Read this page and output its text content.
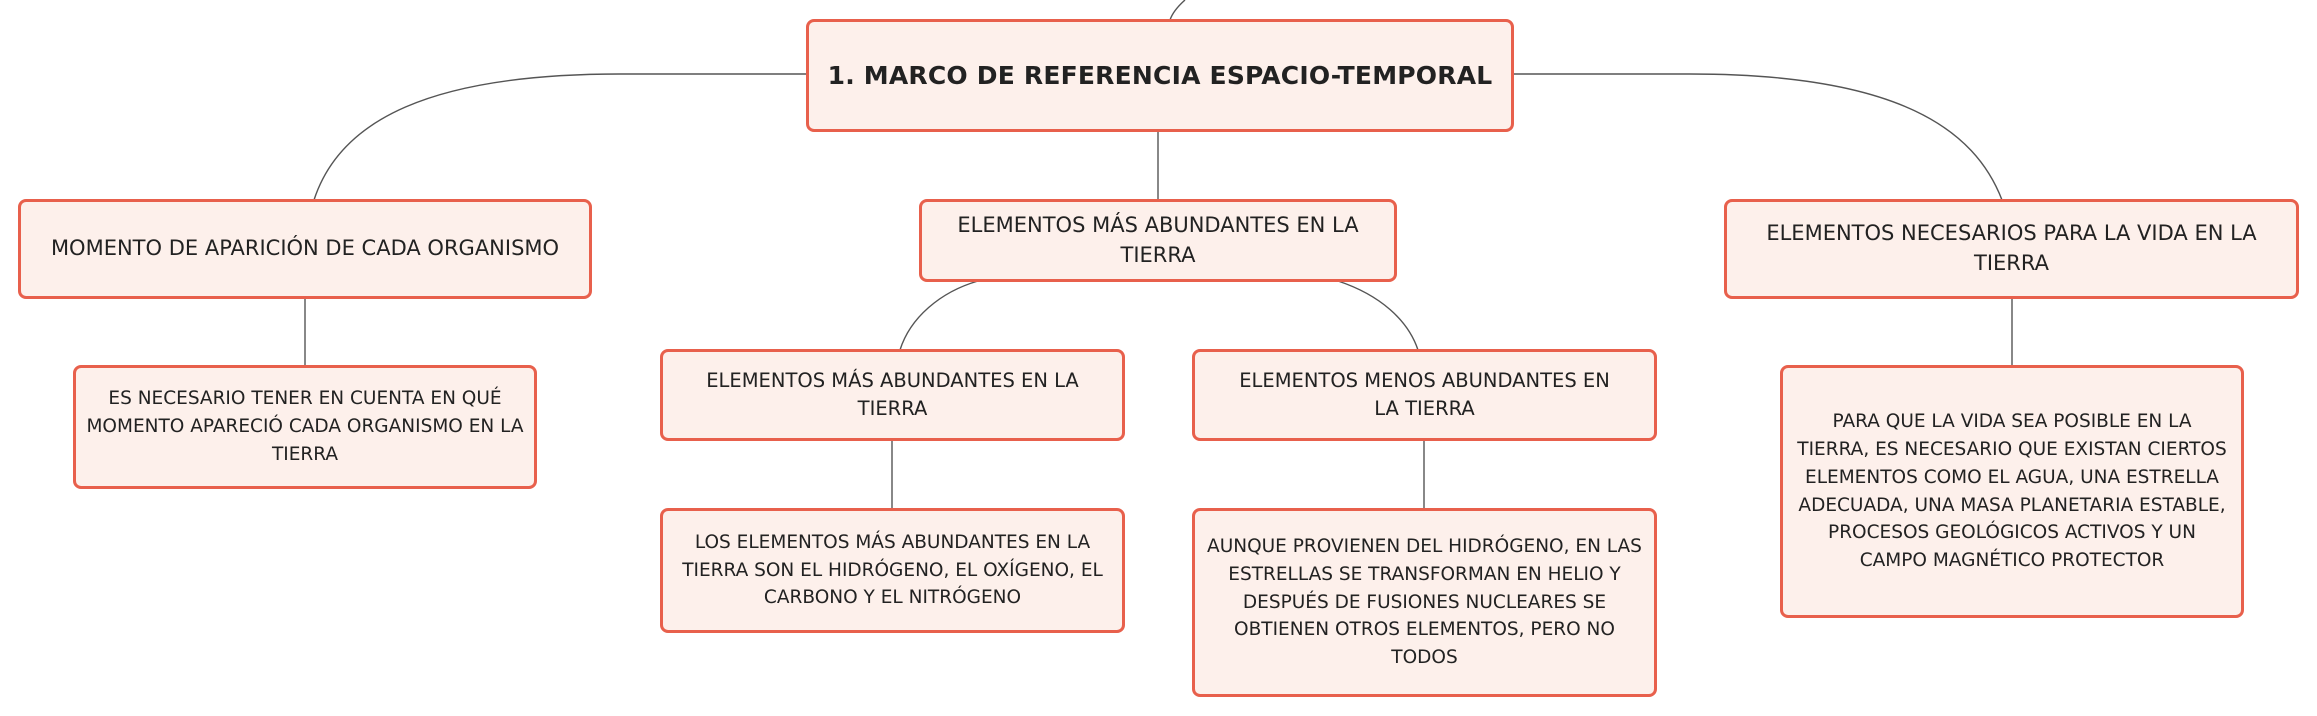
1. MARCO DE REFERENCIA ESPACIO-TEMPORAL
MOMENTO DE APARICIÓN DE CADA ORGANISMO
ELEMENTOS MÁS ABUNDANTES EN LA TIERRA
ELEMENTOS NECESARIOS PARA LA VIDA EN LA TIERRA
ES NECESARIO TENER EN CUENTA EN QUÉ MOMENTO APARECIÓ CADA ORGANISMO EN LA TIERRA
ELEMENTOS MÁS ABUNDANTES EN LA TIERRA
ELEMENTOS MENOS ABUNDANTES EN LA TIERRA
LOS ELEMENTOS MÁS ABUNDANTES EN LA TIERRA SON EL HIDRÓGENO, EL OXÍGENO, EL CARBONO Y EL NITRÓGENO
AUNQUE PROVIENEN DEL HIDRÓGENO, EN LAS ESTRELLAS SE TRANSFORMAN EN HELIO Y DESPUÉS DE FUSIONES NUCLEARES SE OBTIENEN OTROS ELEMENTOS, PERO NO TODOS
PARA QUE LA VIDA SEA POSIBLE EN LA TIERRA, ES NECESARIO QUE EXISTAN CIERTOS ELEMENTOS COMO EL AGUA, UNA ESTRELLA ADECUADA, UNA MASA PLANETARIA ESTABLE, PROCESOS GEOLÓGICOS ACTIVOS Y UN CAMPO MAGNÉTICO PROTECTOR
